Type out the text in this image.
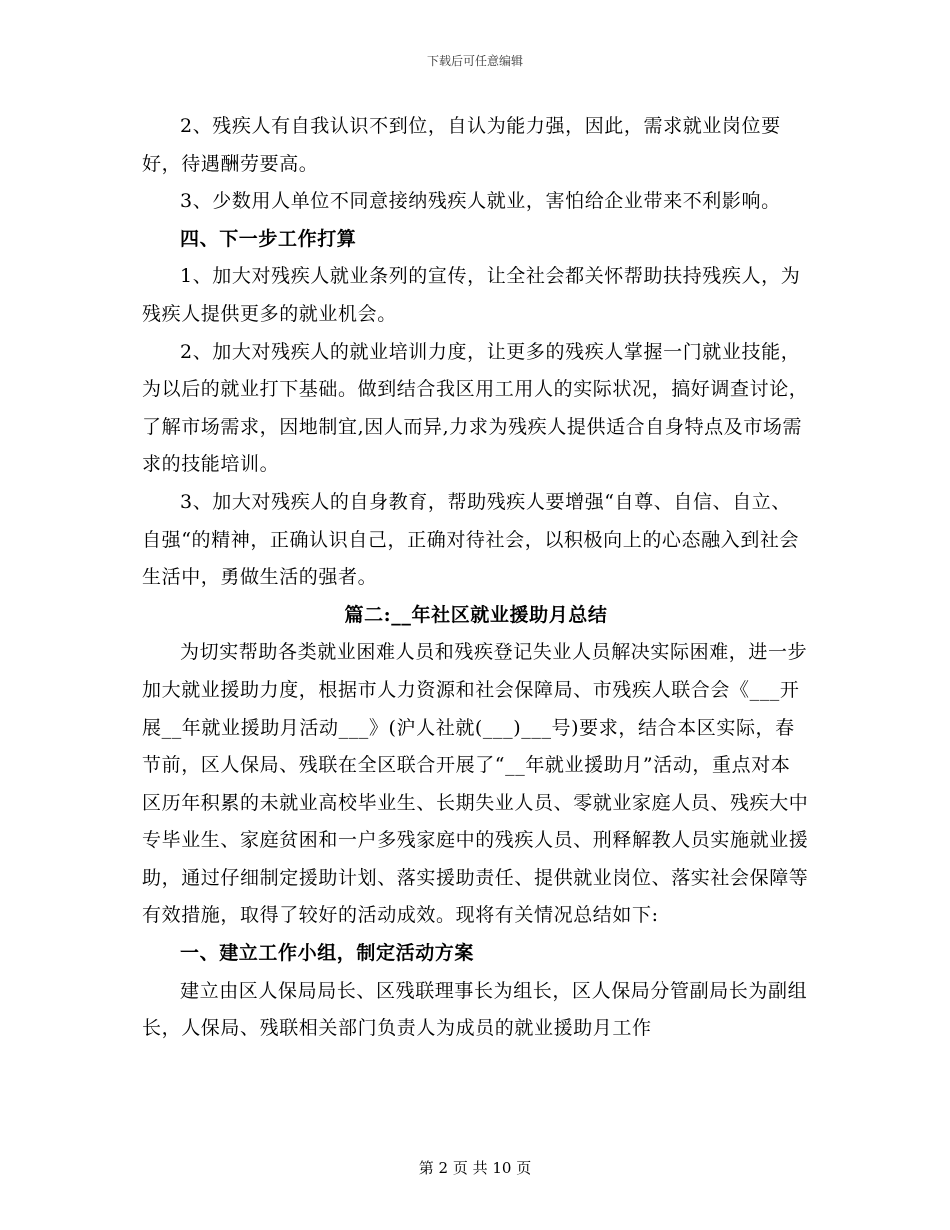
下载后可任意编辑

2、残疾人有自我认识不到位，自认为能力强，因此，需求就业岗位要好，待遇酬劳要高。

3、少数用人单位不同意接纳残疾人就业，害怕给企业带来不利影响。

四、下一步工作打算

1、加大对残疾人就业条列的宣传，让全社会都关怀帮助扶持残疾人，为残疾人提供更多的就业机会。

2、加大对残疾人的就业培训力度，让更多的残疾人掌握一门就业技能，为以后的就业打下基础。做到结合我区用工用人的实际状况，搞好调查讨论，了解市场需求，因地制宜,因人而异,力求为残疾人提供适合自身特点及市场需求的技能培训。

3、加大对残疾人的自身教育，帮助残疾人要增强“自尊、自信、自立、自强“的精神，正确认识自己，正确对待社会，以积极向上的心态融入到社会生活中，勇做生活的强者。

篇二:__年社区就业援助月总结

为切实帮助各类就业困难人员和残疾登记失业人员解决实际困难，进一步加大就业援助力度，根据市人力资源和社会保障局、市残疾人联合会《___开展__年就业援助月活动___》(沪人社就(___)___号)要求，结合本区实际，春节前，区人保局、残联在全区联合开展了“__年就业援助月”活动，重点对本区历年积累的未就业高校毕业生、长期失业人员、零就业家庭人员、残疾大中专毕业生、家庭贫困和一户多残家庭中的残疾人员、刑释解教人员实施就业援助，通过仔细制定援助计划、落实援助责任、提供就业岗位、落实社会保障等有效措施，取得了较好的活动成效。现将有关情况总结如下:

一、建立工作小组，制定活动方案

建立由区人保局局长、区残联理事长为组长，区人保局分管副局长为副组长，人保局、残联相关部门负责人为成员的就业援助月工作

第 2 页 共 10 页
